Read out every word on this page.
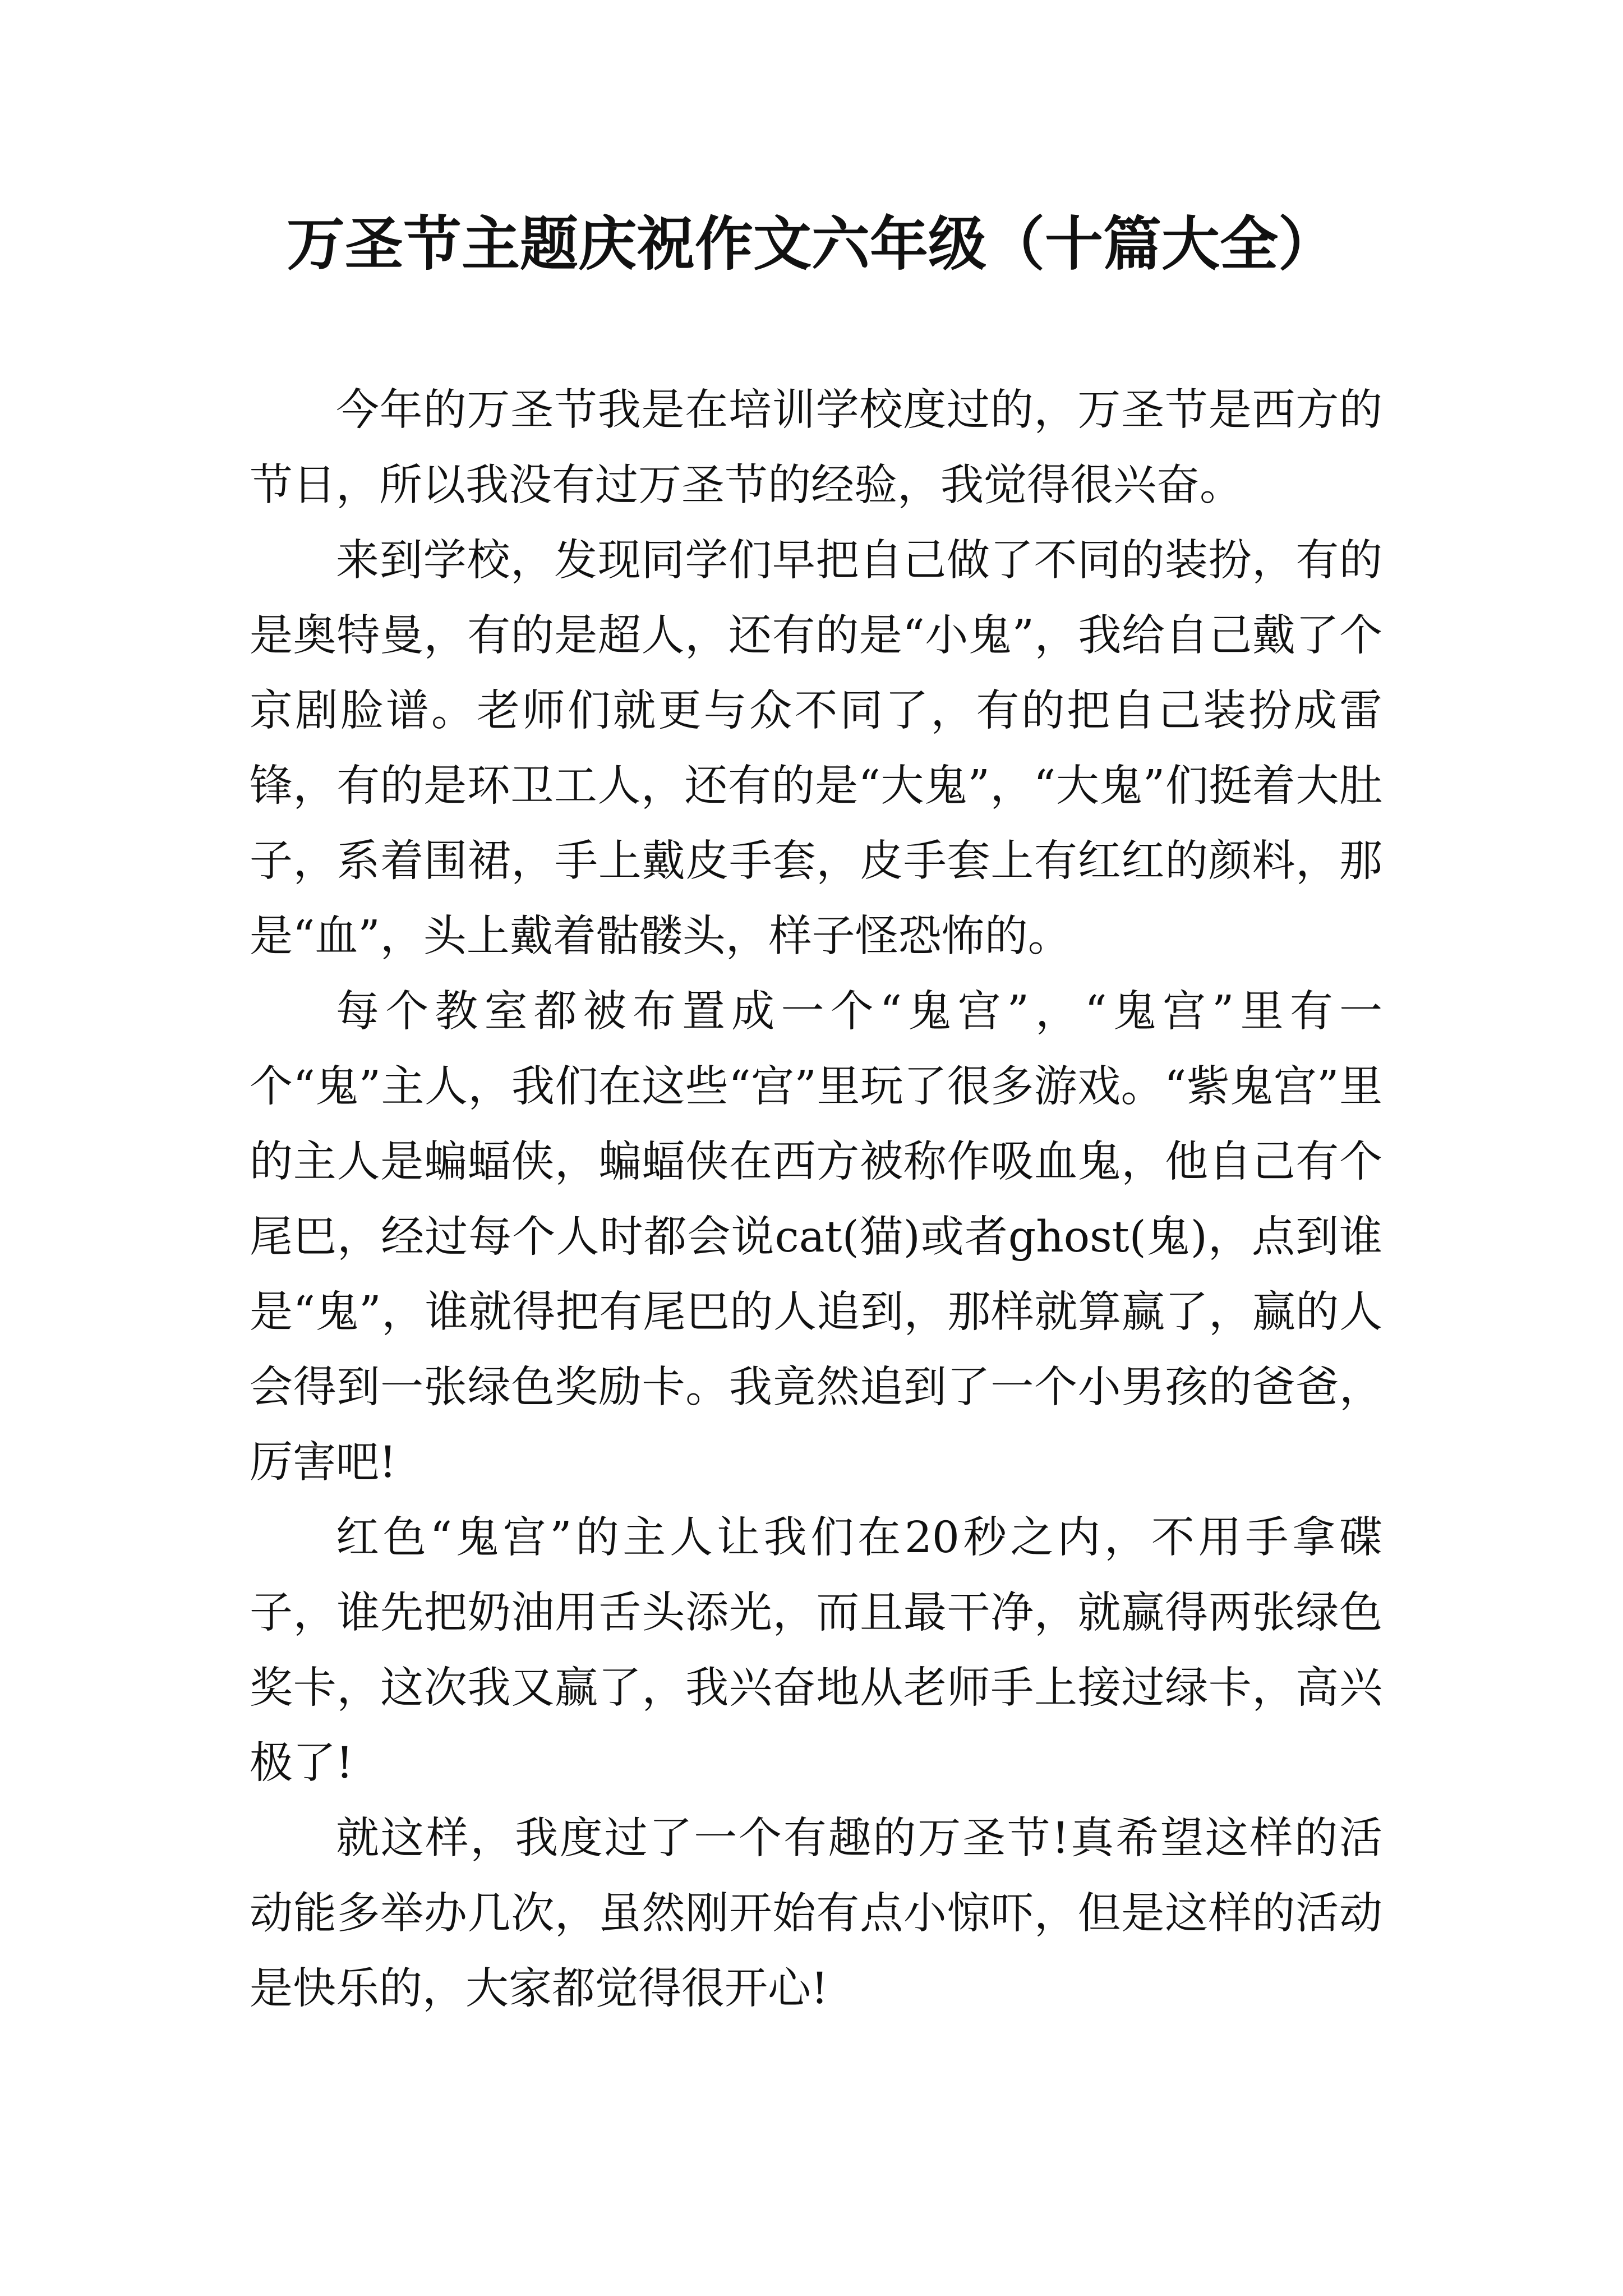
万圣节主题庆祝作文六年级（十篇大全）

今年的万圣节我是在培训学校度过的，万圣节是西方的节日，所以我没有过万圣节的经验，我觉得很兴奋。

来到学校，发现同学们早把自己做了不同的装扮，有的是奥特曼，有的是超人，还有的是“小鬼”，我给自己戴了个京剧脸谱。老师们就更与众不同了，有的把自己装扮成雷锋，有的是环卫工人，还有的是“大鬼”，“大鬼”们挺着大肚子，系着围裙，手上戴皮手套，皮手套上有红红的颜料，那是“血”，头上戴着骷髅头，样子怪恐怖的。

每个教室都被布置成一个“鬼宫”，“鬼宫”里有一个“鬼”主人，我们在这些“宫”里玩了很多游戏。“紫鬼宫”里的主人是蝙蝠侠，蝙蝠侠在西方被称作吸血鬼，他自己有个尾巴，经过每个人时都会说cat(猫)或者ghost(鬼)，点到谁是“鬼”，谁就得把有尾巴的人追到，那样就算赢了，赢的人会得到一张绿色奖励卡。我竟然追到了一个小男孩的爸爸，厉害吧!

红色“鬼宫”的主人让我们在20秒之内，不用手拿碟子，谁先把奶油用舌头添光，而且最干净，就赢得两张绿色奖卡，这次我又赢了，我兴奋地从老师手上接过绿卡，高兴极了!

就这样，我度过了一个有趣的万圣节!真希望这样的活动能多举办几次，虽然刚开始有点小惊吓，但是这样的活动是快乐的，大家都觉得很开心!
